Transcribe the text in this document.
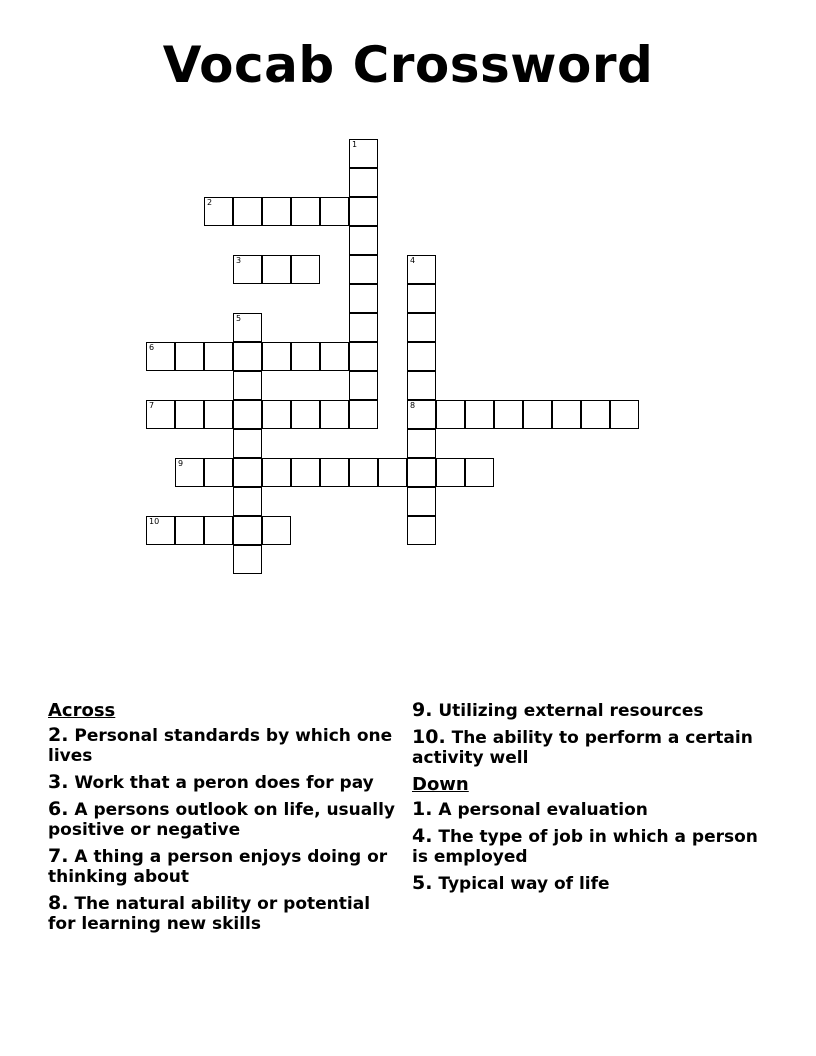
Vocab Crossword
1
2
3	4
8
5
6
7
9
10
Across
2. Personal standards by which one lives
3. Work that a peron does for pay
6. A persons outlook on life, usually positive or negative
7. A thing a person enjoys doing or thinking about
8. The natural ability or potential for learning new skills
9. Utilizing external resources
10. The ability to perform a certain activity well
Down
1. A personal evaluation
4. The type of job in which a person is employed
5. Typical way of life
